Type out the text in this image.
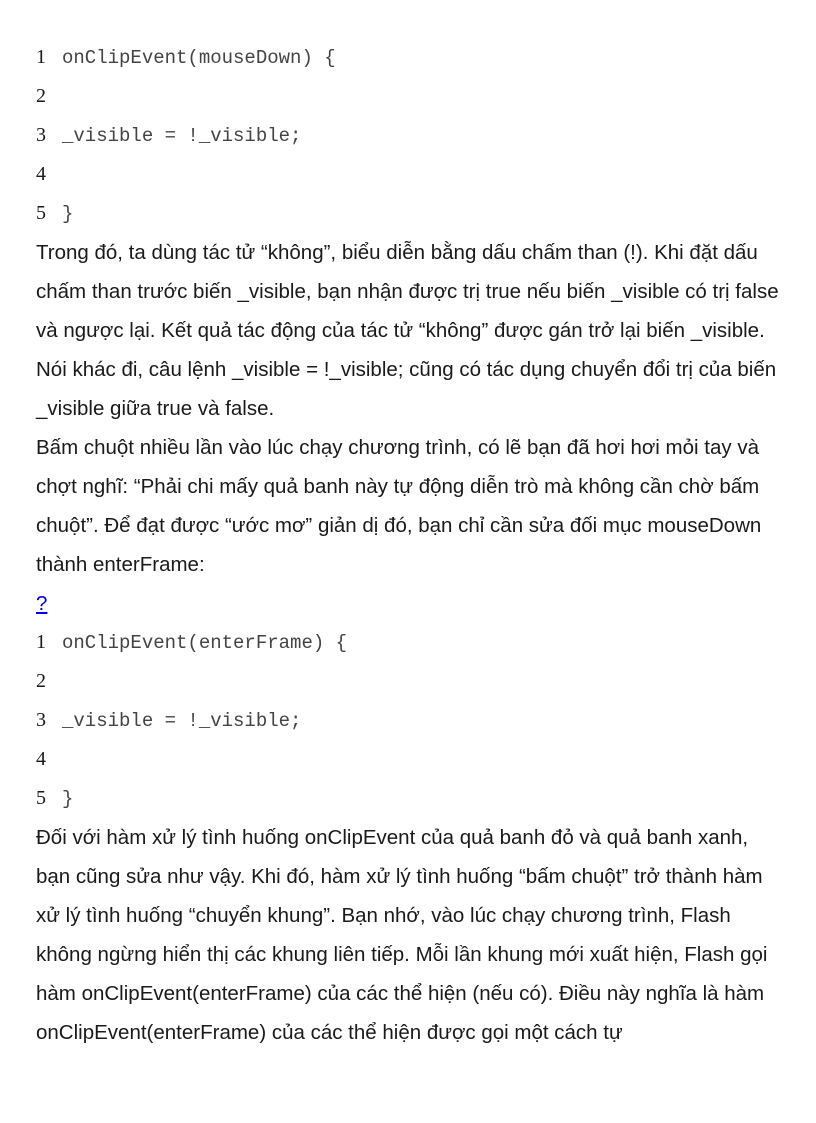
1 onClipEvent(mouseDown) {
2
3 _visible = !_visible;
4
5 }

Trong đó, ta dùng tác tử “không”, biểu diễn bằng dấu chấm than (!). Khi đặt dấu chấm than trước biến _visible, bạn nhận được trị true nếu biến _visible có trị false và ngược lại. Kết quả tác động của tác tử “không” được gán trở lại biến _visible. Nói khác đi, câu lệnh _visible = !_visible; cũng có tác dụng chuyển đổi trị của biến _visible giữa true và false.

Bấm chuột nhiều lần vào lúc chạy chương trình, có lẽ bạn đã hơi hơi mỏi tay và chợt nghĩ: “Phải chi mấy quả banh này tự động diễn trò mà không cần chờ bấm chuột”. Để đạt được “ước mơ” giản dị đó, bạn chỉ cần sửa đối mục mouseDown thành enterFrame:

?
1 onClipEvent(enterFrame) {
2
3 _visible = !_visible;
4
5 }

Đối với hàm xử lý tình huống onClipEvent của quả banh đỏ và quả banh xanh, bạn cũng sửa như vậy. Khi đó, hàm xử lý tình huống “bấm chuột” trở thành hàm xử lý tình huống “chuyển khung”. Bạn nhớ, vào lúc chạy chương trình, Flash không ngừng hiển thị các khung liên tiếp. Mỗi lần khung mới xuất hiện, Flash gọi hàm onClipEvent(enterFrame) của các thể hiện (nếu có). Điều này nghĩa là hàm onClipEvent(enterFrame) của các thể hiện được gọi một cách tự
